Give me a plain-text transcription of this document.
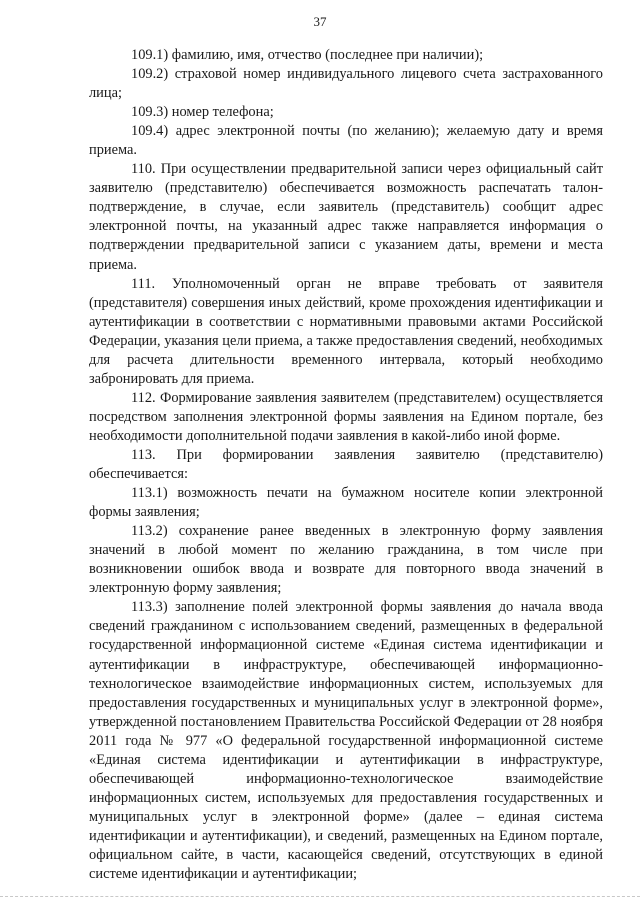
37

109.1) фамилию, имя, отчество (последнее при наличии);

109.2) страховой номер индивидуального лицевого счета застрахованного лица;

109.3) номер телефона;

109.4) адрес электронной почты (по желанию); желаемую дату и время приема.

110. При осуществлении предварительной записи через официальный сайт заявителю (представителю) обеспечивается возможность распечатать талон-подтверждение, в случае, если заявитель (представитель) сообщит адрес электронной почты, на указанный адрес также направляется информация о подтверждении предварительной записи с указанием даты, времени и места приема.

111. Уполномоченный орган не вправе требовать от заявителя (представителя) совершения иных действий, кроме прохождения идентификации и аутентификации в соответствии с нормативными правовыми актами Российской Федерации, указания цели приема, а также предоставления сведений, необходимых для расчета длительности временного интервала, который необходимо забронировать для приема.

112. Формирование заявления заявителем (представителем) осуществляется посредством заполнения электронной формы заявления на Едином портале, без необходимости дополнительной подачи заявления в какой-либо иной форме.

113. При формировании заявления заявителю (представителю) обеспечивается:

113.1) возможность печати на бумажном носителе копии электронной формы заявления;

113.2) сохранение ранее введенных в электронную форму заявления значений в любой момент по желанию гражданина, в том числе при возникновении ошибок ввода и возврате для повторного ввода значений в электронную форму заявления;

113.3) заполнение полей электронной формы заявления до начала ввода сведений гражданином с использованием сведений, размещенных в федеральной государственной информационной системе «Единая система идентификации и аутентификации в инфраструктуре, обеспечивающей информационно- технологическое взаимодействие информационных систем, используемых для предоставления государственных и муниципальных услуг в электронной форме», утвержденной постановлением Правительства Российской Федерации от 28 ноября 2011 года № 977 «О федеральной государственной информационной системе «Единая система идентификации и аутентификации в инфраструктуре, обеспечивающей информационно-технологическое взаимодействие информационных систем, используемых для предоставления государственных и муниципальных услуг в электронной форме» (далее – единая система идентификации и аутентификации), и сведений, размещенных на Едином портале, официальном сайте, в части, касающейся сведений, отсутствующих в единой системе идентификации и аутентификации;
